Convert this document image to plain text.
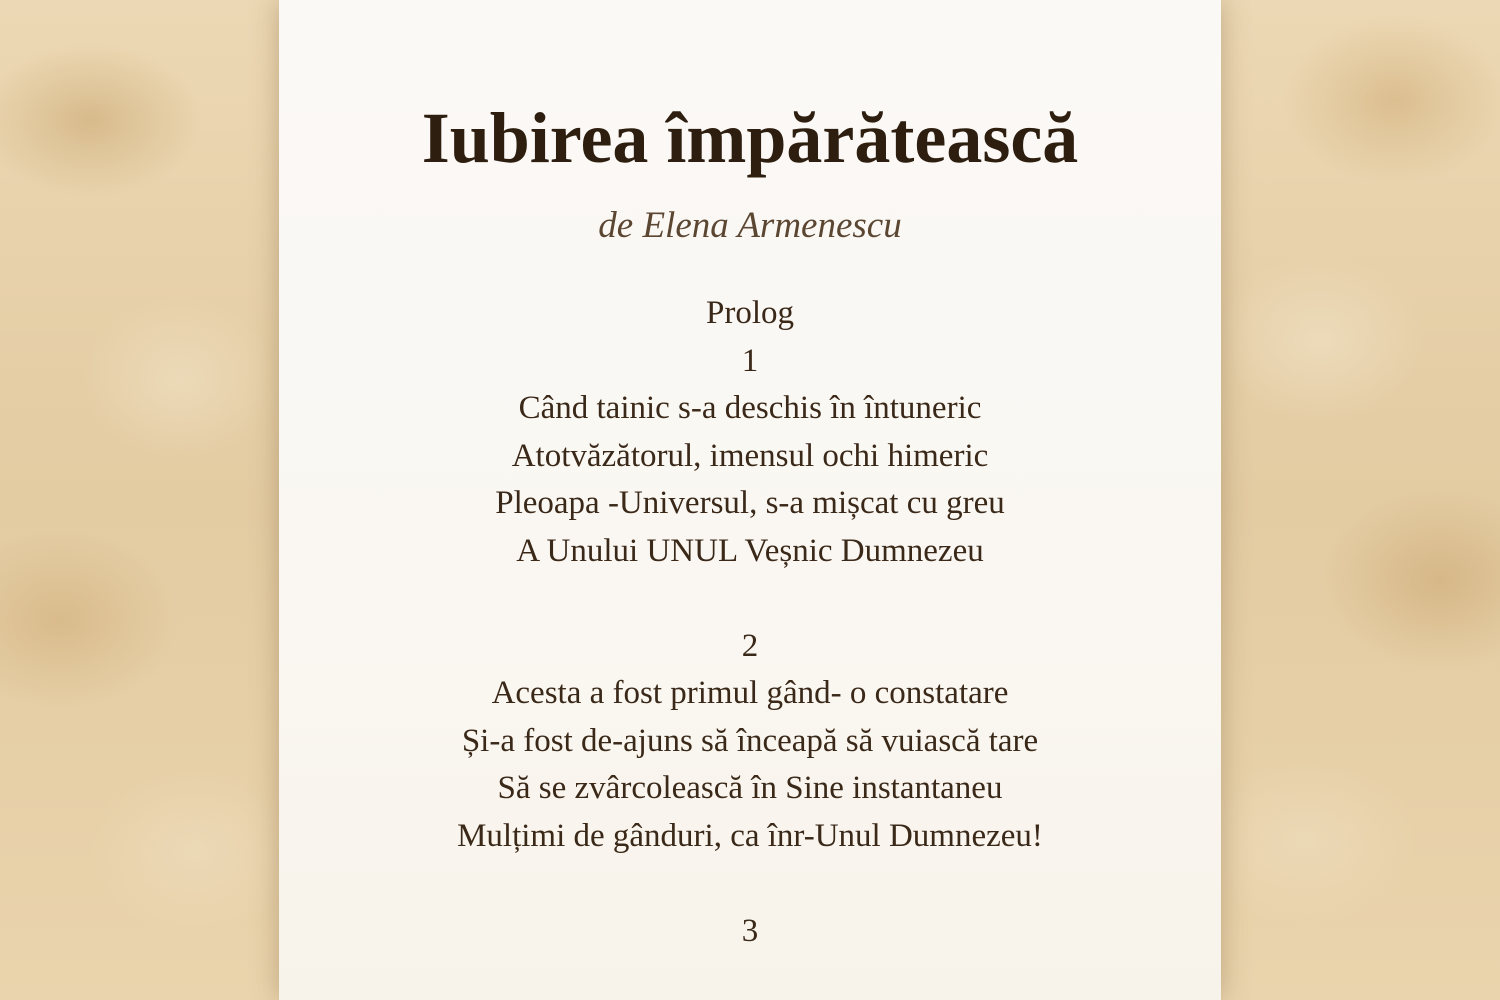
Iubirea împărătească
de Elena Armenescu
Prolog
1
Când tainic s-a deschis în întuneric
Atotvăzătorul, imensul ochi himeric
Pleoapa -Universul, s-a mișcat cu greu
A Unului UNUL Veșnic Dumnezeu
2
Acesta a fost primul gând- o constatare
Și-a fost de-ajuns să înceapă să vuiască tare
Să se zvârcolească în Sine instantaneu
Mulțimi de gânduri, ca înr-Unul Dumnezeu!
3
